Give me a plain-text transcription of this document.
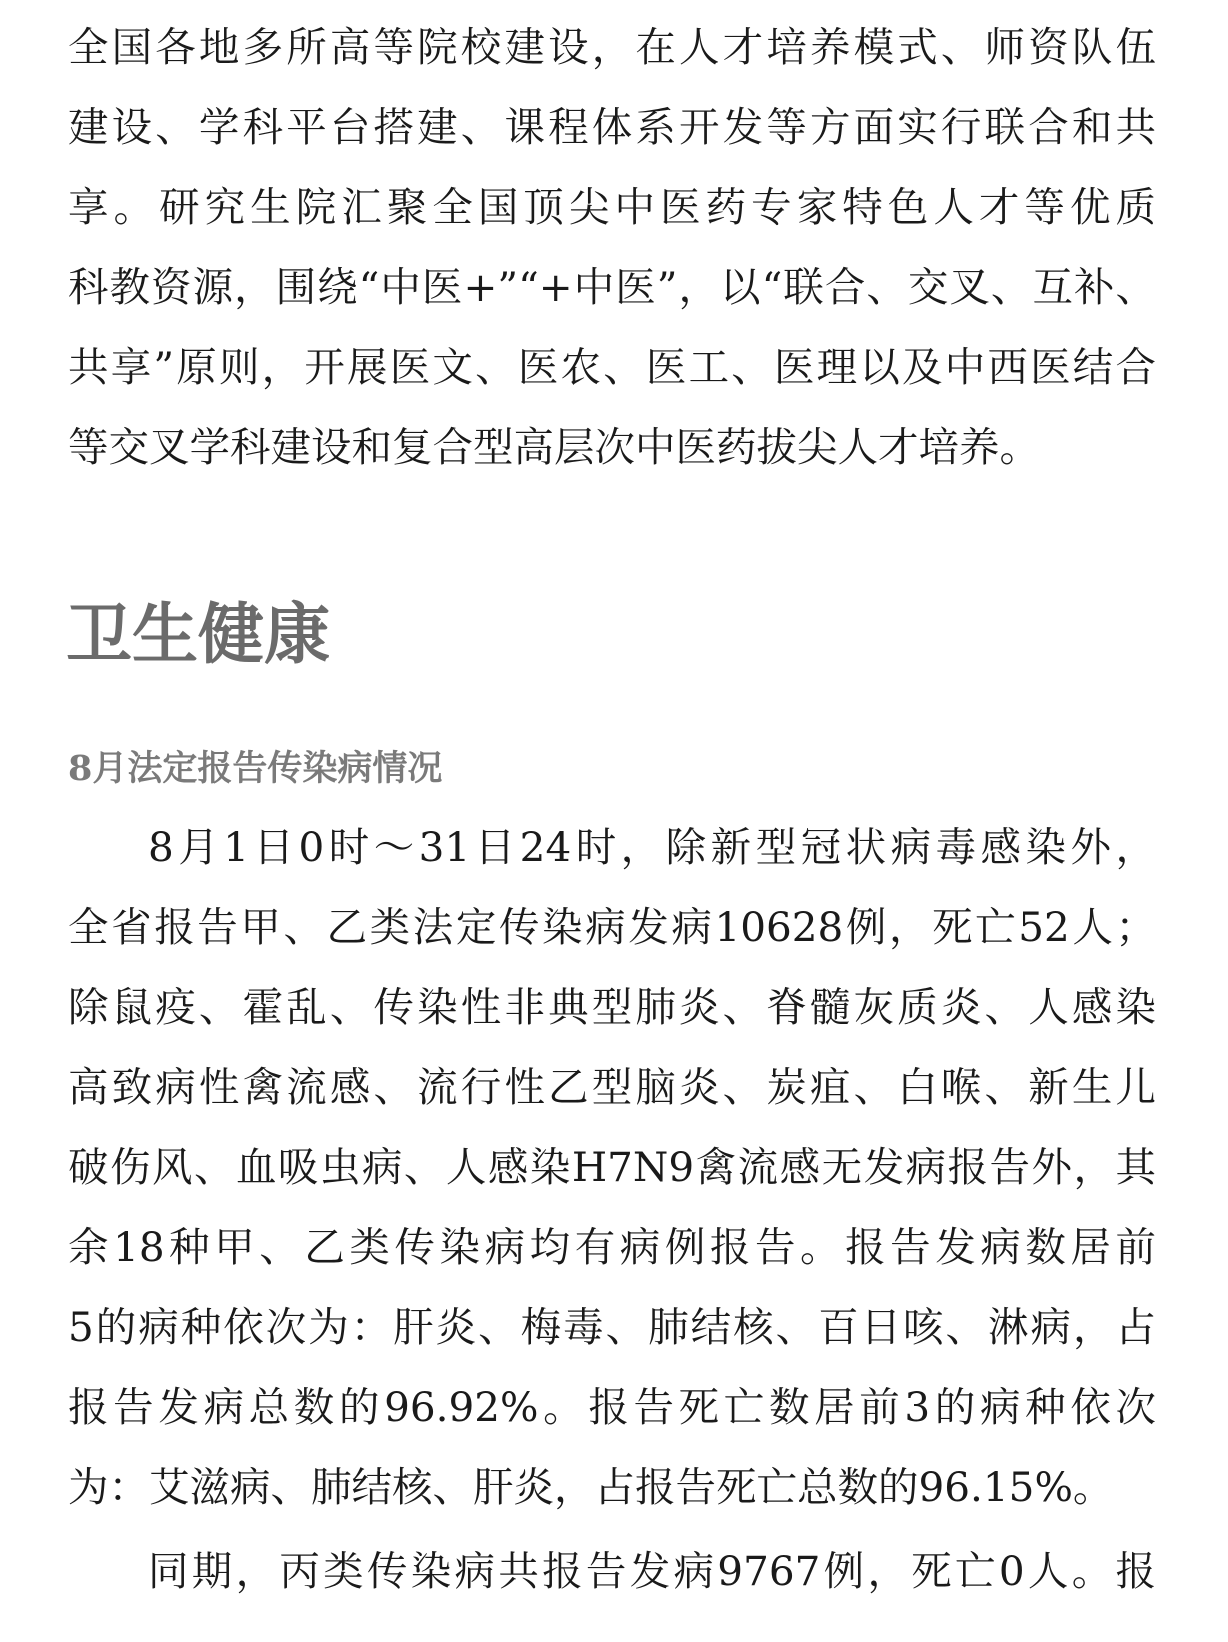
全国各地多所高等院校建设，在人才培养模式、师资队伍
建设、学科平台搭建、课程体系开发等方面实行联合和共
享。研究生院汇聚全国顶尖中医药专家特色人才等优质
科教资源，围绕“中医+”“+中医”，以“联合、交叉、互补、
共享”原则，开展医文、医农、医工、医理以及中西医结合
等交叉学科建设和复合型高层次中医药拔尖人才培养。
卫生健康
8月法定报告传染病情况
8月1日0时～31日24时，除新型冠状病毒感染外，
全省报告甲、乙类法定传染病发病10628例，死亡52人；
除鼠疫、霍乱、传染性非典型肺炎、脊髓灰质炎、人感染
高致病性禽流感、流行性乙型脑炎、炭疽、白喉、新生儿
破伤风、血吸虫病、人感染H7N9禽流感无发病报告外，其
余18种甲、乙类传染病均有病例报告。报告发病数居前
5的病种依次为：肝炎、梅毒、肺结核、百日咳、淋病，占
报告发病总数的96.92%。报告死亡数居前3的病种依次
为：艾滋病、肺结核、肝炎，占报告死亡总数的96.15%。
同期，丙类传染病共报告发病9767例，死亡0人。报
